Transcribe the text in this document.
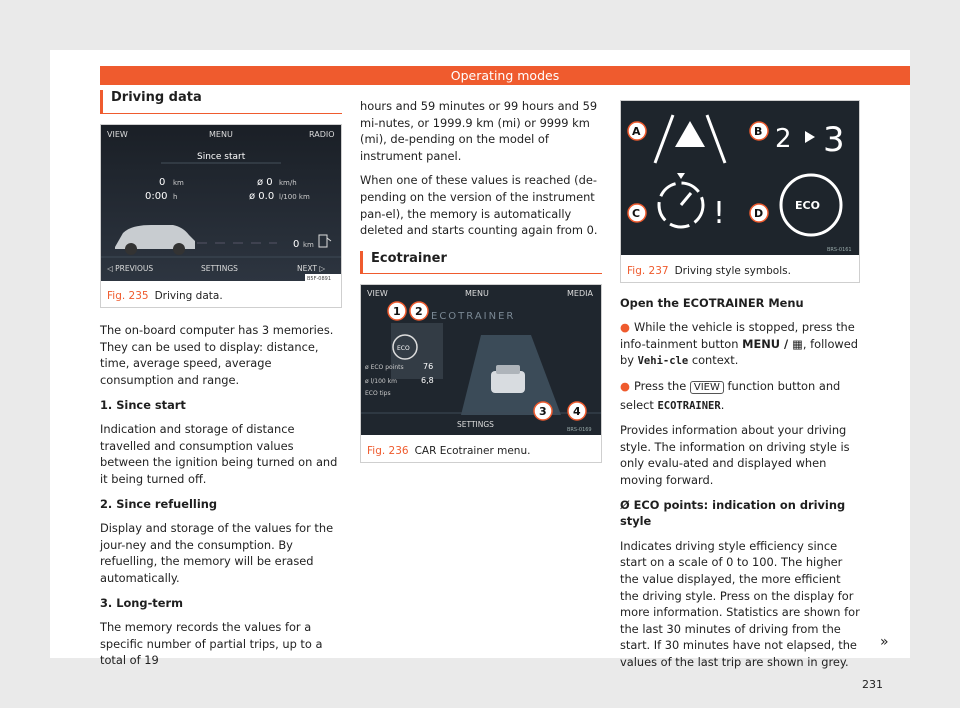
Operating modes
Driving data
VIEW	MENU	RADIO
Since start
0 km
0:00 h
ø 0 km/h
ø 0.0 l/100 km
0 km
◁ PREVIOUS	SETTINGS	NEXT ▷
B5F-0891
Fig. 235 Driving data.

The on-board computer has 3 memories. They can be used to display: distance, time, average speed, average consumption and range.

1. Since start

Indication and storage of distance travelled and consumption values between the ignition being turned on and it being turned off.

2. Since refuelling

Display and storage of the values for the jour-ney and the consumption. By refuelling, the memory will be erased automatically.

3. Long-term

The memory records the values for a specific number of partial trips, up to a total of 19

hours and 59 minutes or 99 hours and 59 mi-nutes, or 1999.9 km (mi) or 9999 km (mi), de-pending on the model of instrument panel.

When one of these values is reached (de-pending on the version of the instrument pan-el), the memory is automatically deleted and starts counting again from 0.

Ecotrainer
VIEW	MENU	MEDIA
ECOTRAINER
ECO
ø ECO points 76
ø l/100 km	6,8
ECO tips
SETTINGS
1 2
3 4
BRS-0169
Fig. 236 CAR Ecotrainer menu.
A	B 2 3
C !	D
ECO
BRS-0161
Fig. 237 Driving style symbols.

Open the ECOTRAINER Menu

● While the vehicle is stopped, press the info-tainment button MENU / ▦, followed by Vehi-cle context.

● Press the VIEW function button and select ECOTRAINER.

Provides information about your driving style. The information on driving style is only evalu-ated and displayed when moving forward.

Ø ECO points: indication on driving style

Indicates driving style efficiency since start on a scale of 0 to 100. The higher the value displayed, the more efficient the driving style. Press on the display for more information. Statistics are shown for the last 30 minutes of driving from the start. If 30 minutes have not elapsed, the values of the last trip are shown in grey.

»
231
